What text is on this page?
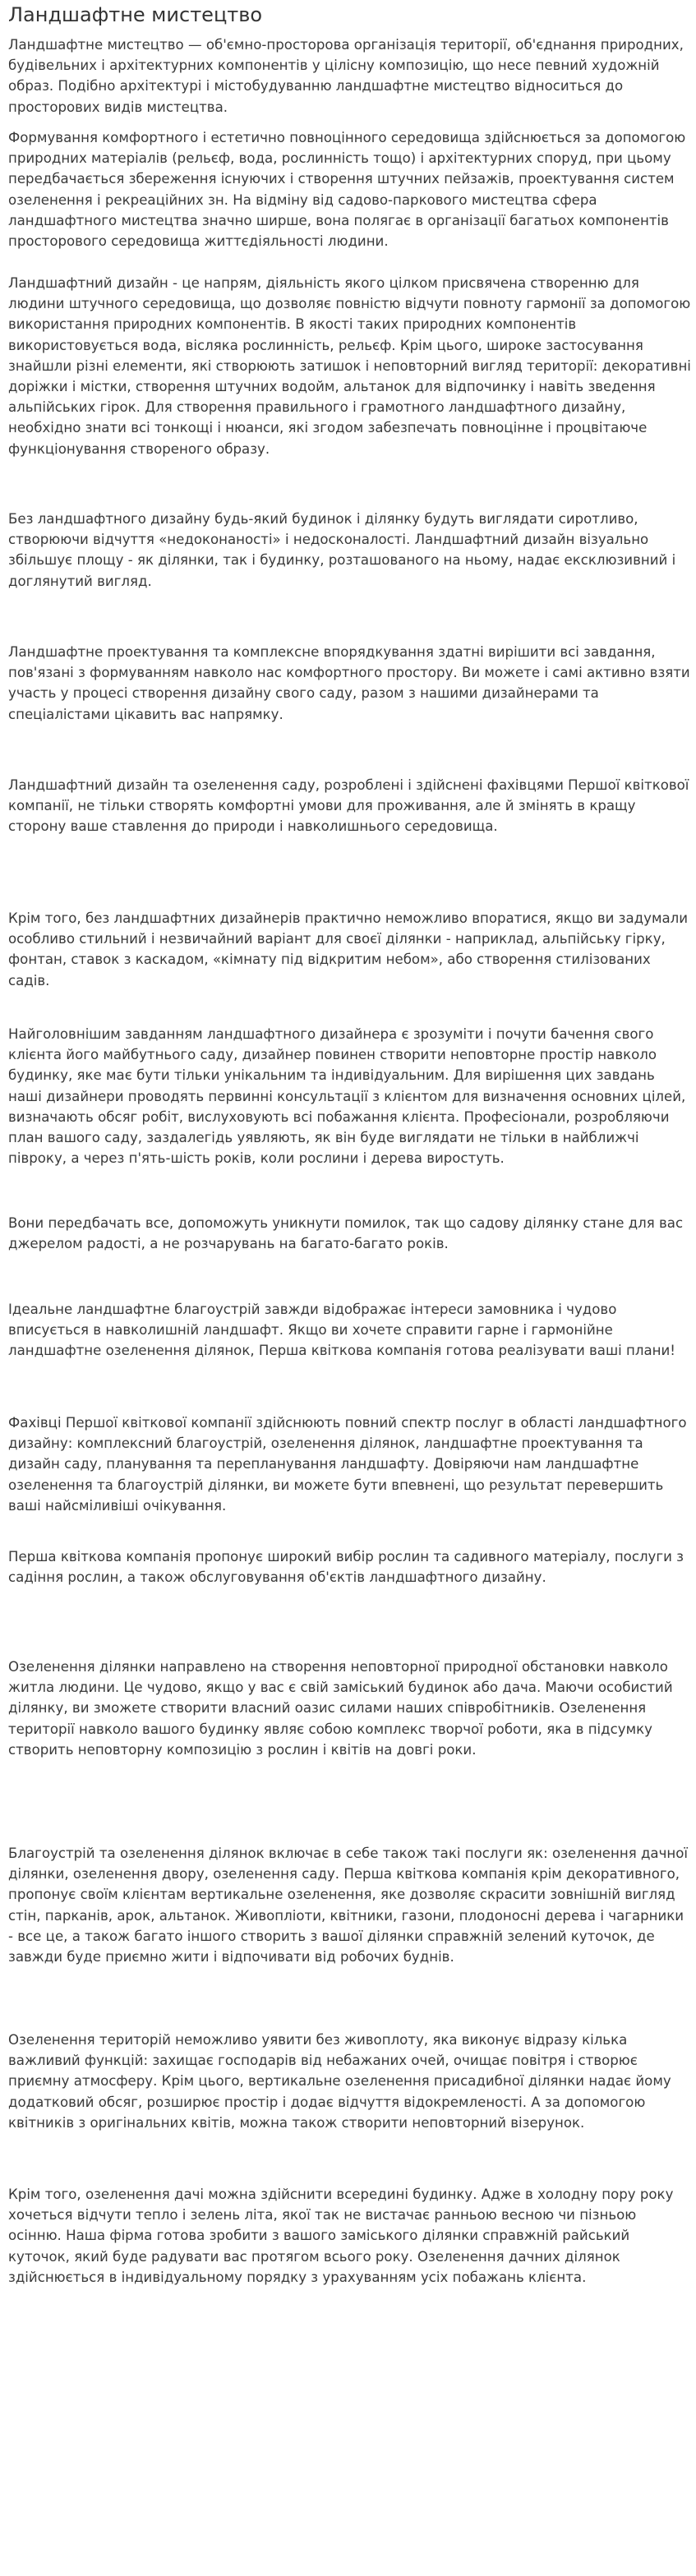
Ландшафтне мистецтво

Ландшафтне мистецтво — об'ємно-просторова організація території, об'єднання природних, будівельних і архітектурних компонентів у цілісну композицію, що несе певний художній образ. Подібно архітектурі і містобудуванню ландшафтне мистецтво відноситься до просторових видів мистецтва.

Формування комфортного і естетично повноцінного середовища здійснюється за допомогою природних матеріалів (рельєф, вода, рослинність тощо) і архітектурних споруд, при цьому передбачається збереження існуючих і створення штучних пейзажів, проектування систем озеленення і рекреаційних зн. На відміну від садово-паркового мистецтва сфера ландшафтного мистецтва значно ширше, вона полягає в організації багатьох компонентів просторового середовища життєдіяльності людини.

Ландшафтний дизайн - це напрям, діяльність якого цілком присвячена створенню для людини штучного середовища, що дозволяє повністю відчути повноту гармонії за допомогою використання природних компонентів. В якості таких природних компонентів використовується вода, вісляка рослинність, рельєф. Крім цього, широке застосування знайшли різні елементи, які створюють затишок і неповторний вигляд території: декоративні доріжки і містки, створення штучних водойм, альтанок для відпочинку і навіть зведення альпійських гірок. Для створення правильного і грамотного ландшафтного дизайну, необхідно знати всі тонкощі і нюанси, які згодом забезпечать повноцінне і процвітаюче функціонування створеного образу.

Без ландшафтного дизайну будь-який будинок і ділянку будуть виглядати сиротливо, створюючи відчуття «недоконаності» і недосконалості. Ландшафтний дизайн візуально збільшує площу - як ділянки, так і будинку, розташованого на ньому, надає ексклюзивний і доглянутий вигляд.

Ландшафтне проектування та комплексне впорядкування здатні вирішити всі завдання, пов'язані з формуванням навколо нас комфортного простору. Ви можете і самі активно взяти участь у процесі створення дизайну свого саду, разом з нашими дизайнерами та спеціалістами цікавить вас напрямку.

Ландшафтний дизайн та озеленення саду, розроблені і здійснені фахівцями Першої квіткової компанії, не тільки створять комфортні умови для проживання, але й змінять в кращу сторону ваше ставлення до природи і навколишнього середовища.

Крім того, без ландшафтних дизайнерів практично неможливо впоратися, якщо ви задумали особливо стильний і незвичайний варіант для своєї ділянки - наприклад, альпійську гірку, фонтан, ставок з каскадом, «кімнату під відкритим небом», або створення стилізованих садів.

Найголовнішим завданням ландшафтного дизайнера є зрозуміти і почути бачення свого клієнта його майбутнього саду, дизайнер повинен створити неповторне простір навколо будинку, яке має бути тільки унікальним та індивідуальним. Для вирішення цих завдань наші дизайнери проводять первинні консультації з клієнтом для визначення основних цілей, визначають обсяг робіт, вислуховують всі побажання клієнта. Професіонали, розробляючи план вашого саду, заздалегідь уявляють, як він буде виглядати не тільки в найближчі півроку, а через п'ять-шість років, коли рослини і дерева виростуть.

Вони передбачать все, допоможуть уникнути помилок, так що садову ділянку стане для вас джерелом радості, а не розчарувань на багато-багато років.

Ідеальне ландшафтне благоустрій завжди відображає інтереси замовника і чудово вписується в навколишній ландшафт. Якщо ви хочете справити гарне і гармонійне ландшафтне озеленення ділянок, Перша квіткова компанія готова реалізувати ваші плани!

Фахівці Першої квіткової компанії здійснюють повний спектр послуг в області ландшафтного дизайну: комплексний благоустрій, озеленення ділянок, ландшафтне проектування та дизайн саду, планування та перепланування ландшафту. Довіряючи нам ландшафтне озеленення та благоустрій ділянки, ви можете бути впевнені, що результат перевершить ваші найсміливіші очікування.

Перша квіткова компанія пропонує широкий вибір рослин та садивного матеріалу, послуги з садіння рослин, а також обслуговування об'єктів ландшафтного дизайну.

Озеленення ділянки направлено на створення неповторної природної обстановки навколо житла людини. Це чудово, якщо у вас є свій заміський будинок або дача. Маючи особистий ділянку, ви зможете створити власний оазис силами наших співробітників. Озеленення території навколо вашого будинку являє собою комплекс творчої роботи, яка в підсумку створить неповторну композицію з рослин і квітів на довгі роки.

Благоустрій та озеленення ділянок включає в себе також такі послуги як: озеленення дачної ділянки, озеленення двору, озеленення саду. Перша квіткова компанія крім декоративного, пропонує своїм клієнтам вертикальне озеленення, яке дозволяє скрасити зовнішній вигляд стін, парканів, арок, альтанок. Живопліоти, квітники, газони, плодоносні дерева і чагарники - все це, а також багато іншого створить з вашої ділянки справжній зелений куточок, де завжди буде приємно жити і відпочивати від робочих буднів.

Озеленення територій неможливо уявити без живоплоту, яка виконує відразу кілька важливий функцій: захищає господарів від небажаних очей, очищає повітря і створює приємну атмосферу. Крім цього, вертикальне озеленення присадибної ділянки надає йому додатковий обсяг, розширює простір і додає відчуття відокремленості. А за допомогою квітників з оригінальних квітів, можна також створити неповторний візерунок.

Крім того, озеленення дачі можна здійснити всередині будинку. Адже в холодну пору року хочеться відчути тепло і зелень літа, якої так не вистачає ранньою весною чи пізньою осінню. Наша фірма готова зробити з вашого заміського ділянки справжній райський куточок, який буде радувати вас протягом всього року. Озеленення дачних ділянок здійснюється в індивідуальному порядку з урахуванням усіх побажань клієнта.
